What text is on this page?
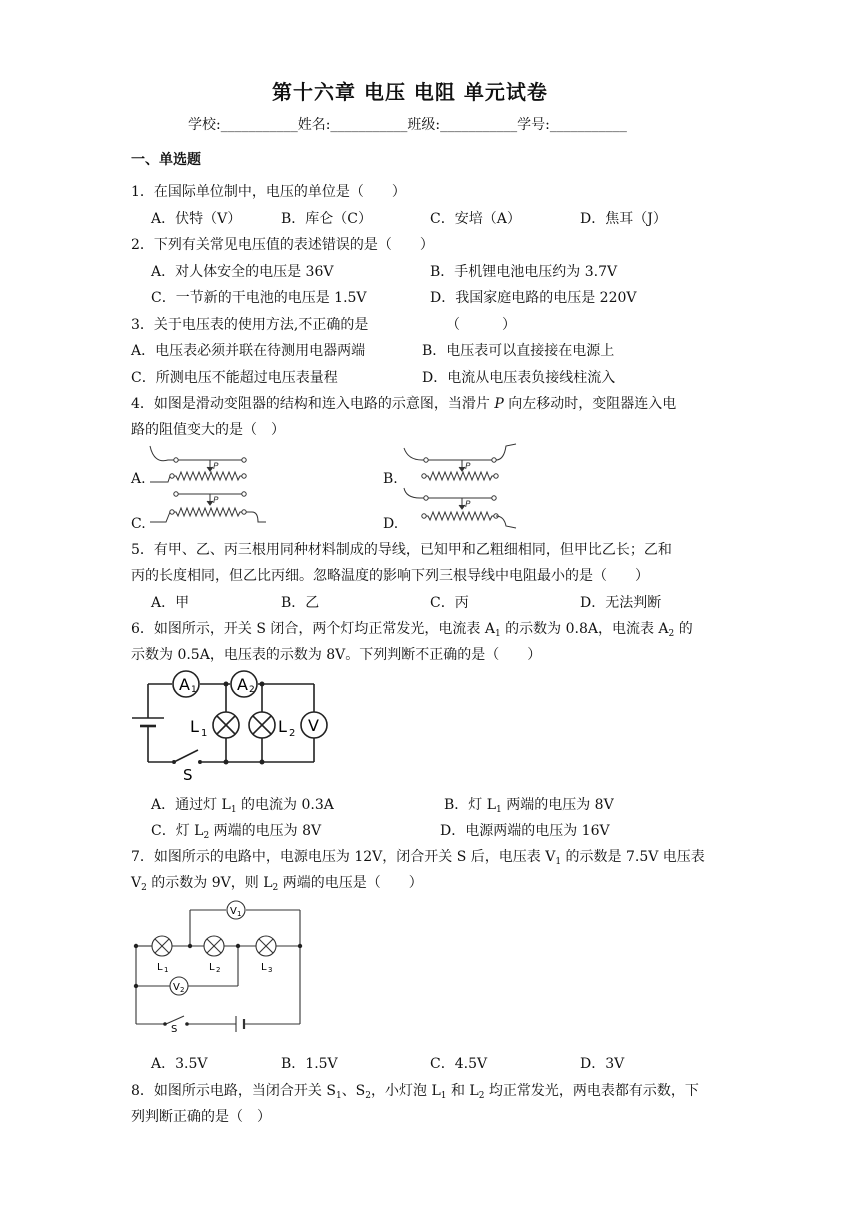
第十六章 电压 电阻 单元试卷
学校:___________姓名:___________班级:___________学号:___________
一、单选题
1．在国际单位制中，电压的单位是（　　）
A．伏特（V）	B．库仑（C）	C．安培（A）	D．焦耳（J）
2．下列有关常见电压值的表述错误的是（　　）
A．对人体安全的电压是 36V	B．手机锂电池电压约为 3.7V
C．一节新的干电池的电压是 1.5V	D．我国家庭电路的电压是 220V
3．关于电压表的使用方法,不正确的是	（　　　）
A．电压表必须并联在待测用电器两端	B．电压表可以直接接在电源上
C．所测电压不能超过电压表量程	D．电流从电压表负接线柱流入
4．如图是滑动变阻器的结构和连入电路的示意图，当滑片 P 向左移动时，变阻器连入电
路的阻值变大的是（　）
A.	B.
C.	D.
P	P
P	P
5．有甲、乙、丙三根用同种材料制成的导线，已知甲和乙粗细相同，但甲比乙长；乙和
丙的长度相同，但乙比丙细。忽略温度的影响下列三根导线中电阻最小的是（　　）
A．甲	B．乙	C．丙	D．无法判断
6．如图所示，开关 S 闭合，两个灯均正常发光，电流表 $A_1$ 的示数为 0.8A，电流表 $A_2$ 的
示数为 0.5A，电压表的示数为 8V。下列判断不正确的是（　　）
A 1	A 2
V
L 1	L 2
S
A．通过灯 $L_1$ 的电流为 0.3A	B．灯 $L_1$ 两端的电压为 8V
C．灯 $L_2$ 两端的电压为 8V	D．电源两端的电压为 16V
7．如图所示的电路中，电源电压为 12V，闭合开关 S 后，电压表 $V_1$ 的示数是 7.5V 电压表
$V_2$ 的示数为 9V，则 $L_2$ 两端的电压是（　　）
V 1
V 2
L 1	L 2	L 3
S
A．3.5V	B．1.5V	C．4.5V	D．3V
8．如图所示电路，当闭合开关 $S_1$、$S_2$，小灯泡 $L_1$ 和 $L_2$ 均正常发光，两电表都有示数，下
列判断正确的是（　）
